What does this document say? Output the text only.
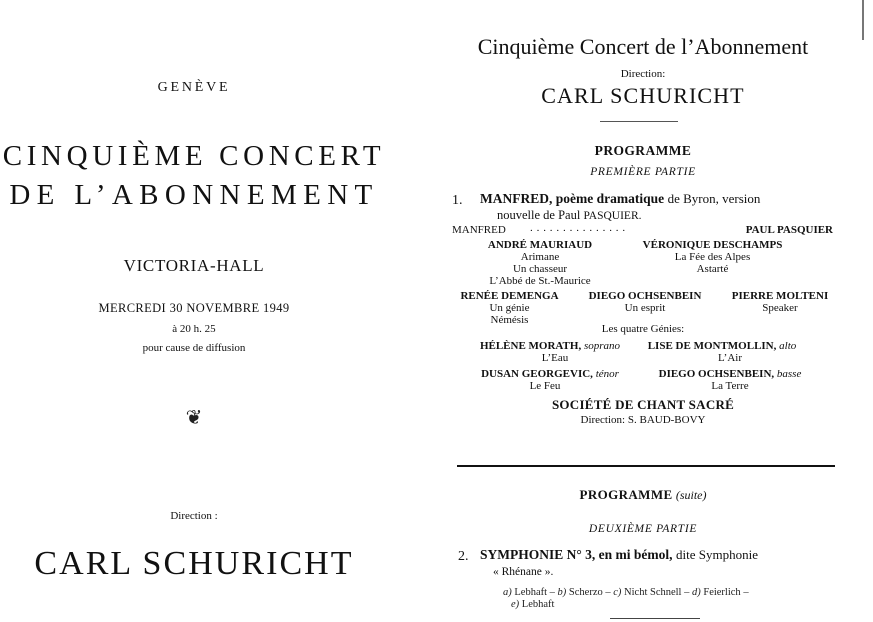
GENÈVE
CINQUIÈME CONCERT
DE L’ABONNEMENT
VICTORIA-HALL
MERCREDI 30 NOVEMBRE 1949
à 20 h. 25
pour cause de diffusion
❦
Direction :
CARL SCHURICHT
Cinquième Concert de l’Abonnement
Direction:
CARL SCHURICHT
PROGRAMME
PREMIÈRE PARTIE
1. MANFRED, poème dramatique de Byron, version
nouvelle de Paul PASQUIER.
MANFRED . . . . . . . . . . . . . . .	PAUL PASQUIER
ANDRÉ MAURIAUD
Arimane
Un chasseur
L’Abbé de St.-Maurice
VÉRONIQUE DESCHAMPS
La Fée des Alpes
Astarté
RENÉE DEMENGA
Un génie
Némésis
DIEGO OCHSENBEIN
Un esprit
PIERRE MOLTENI
Speaker
Les quatre Génies:
HÉLÈNE MORATH, soprano
L’Eau
LISE DE MONTMOLLIN, alto
L’Air
DUSAN GEORGEVIC, ténor
Le Feu
DIEGO OCHSENBEIN, basse
La Terre
SOCIÉTÉ DE CHANT SACRÉ
Direction: S. BAUD-BOVY
PROGRAMME (suite)
DEUXIÈME PARTIE
2. SYMPHONIE N° 3, en mi bémol, dite Symphonie
« Rhénane ».
a) Lebhaft – b) Scherzo – c) Nicht Schnell – d) Feierlich –
e) Lebhaft
